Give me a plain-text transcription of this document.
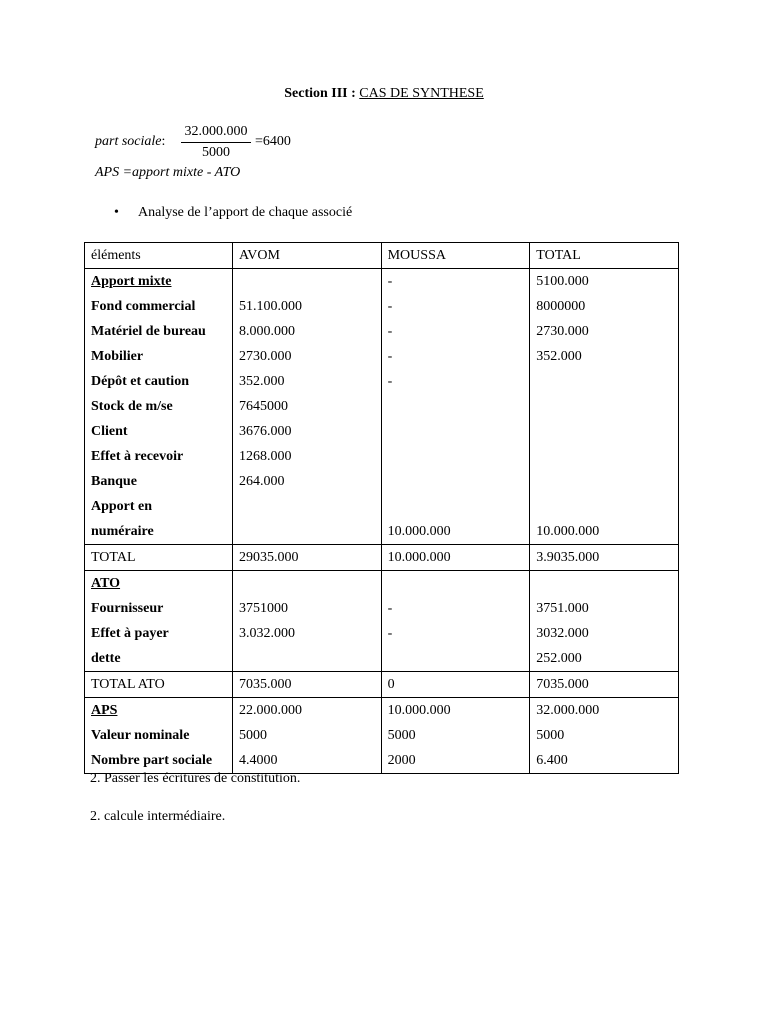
Section III : CAS DE SYNTHESE
part sociale: $\frac{32.000.000}{5000} =6400$
APS =apport mixte - ATO
• Analyse de l’apport de chaque associé
éléments	AVOM	MOUSSA	TOTAL
Apport mixte		-	5100.000
Fond commercial	51.100.000	-	8000000
Matériel de bureau	8.000.000	-	2730.000
Mobilier	2730.000	-	352.000
Dépôt et caution	352.000	-	
Stock de m/se	7645000		
Client	3676.000		
Effet à recevoir	1268.000		
Banque	264.000		
Apport en			
numéraire		10.000.000	10.000.000
TOTAL	29035.000	10.000.000	3.9035.000
ATO			
Fournisseur	3751000	-	3751.000
Effet à payer	3.032.000	-	3032.000
dette			252.000
TOTAL ATO	7035.000	0	7035.000
APS	22.000.000	10.000.000	32.000.000
Valeur nominale	5000	5000	5000
Nombre part sociale	4.4000	2000	6.400
2. Passer les écritures de constitution.
2. calcule intermédiaire.
